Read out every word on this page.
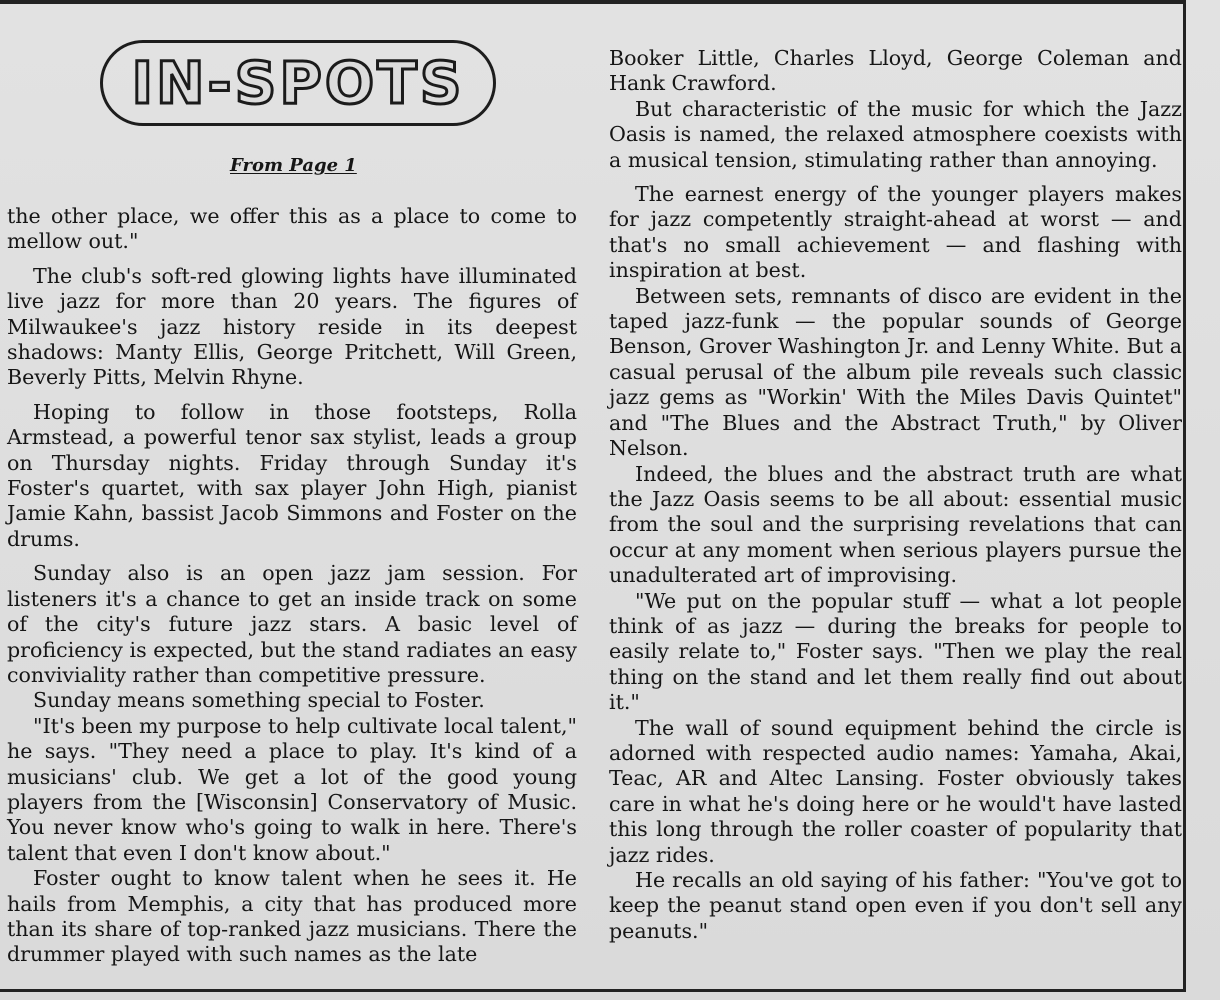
IN-SPOTS
From Page 1

the other place, we offer this as a place to come to mellow out."

The club's soft-red glowing lights have illuminated live jazz for more than 20 years. The figures of Milwaukee's jazz history reside in its deepest shadows: Manty Ellis, George Pritchett, Will Green, Beverly Pitts, Melvin Rhyne.

Hoping to follow in those footsteps, Rolla Armstead, a powerful tenor sax stylist, leads a group on Thursday nights. Friday through Sunday it's Foster's quartet, with sax player John High, pianist Jamie Kahn, bassist Jacob Simmons and Foster on the drums.

Sunday also is an open jazz jam session. For listeners it's a chance to get an inside track on some of the city's future jazz stars. A basic level of proficiency is expected, but the stand radiates an easy conviviality rather than competitive pressure.

Sunday means something special to Foster.

"It's been my purpose to help cultivate local talent," he says. "They need a place to play. It's kind of a musicians' club. We get a lot of the good young players from the [Wisconsin] Conservatory of Music. You never know who's going to walk in here. There's talent that even I don't know about."

Foster ought to know talent when he sees it. He hails from Memphis, a city that has produced more than its share of top-ranked jazz musicians. There the drummer played with such names as the late

Booker Little, Charles Lloyd, George Coleman and Hank Crawford.

But characteristic of the music for which the Jazz Oasis is named, the relaxed atmosphere coexists with a musical tension, stimulating rather than annoying.

The earnest energy of the younger players makes for jazz competently straight-ahead at worst — and that's no small achievement — and flashing with inspiration at best.

Between sets, remnants of disco are evident in the taped jazz-funk — the popular sounds of George Benson, Grover Washington Jr. and Lenny White. But a casual perusal of the album pile reveals such classic jazz gems as "Workin' With the Miles Davis Quintet" and "The Blues and the Abstract Truth," by Oliver Nelson.

Indeed, the blues and the abstract truth are what the Jazz Oasis seems to be all about: essential music from the soul and the surprising revelations that can occur at any moment when serious players pursue the unadulterated art of improvising.

"We put on the popular stuff — what a lot people think of as jazz — during the breaks for people to easily relate to," Foster says. "Then we play the real thing on the stand and let them really find out about it."

The wall of sound equipment behind the circle is adorned with respected audio names: Yamaha, Akai, Teac, AR and Altec Lansing. Foster obviously takes care in what he's doing here or he would't have lasted this long through the roller coaster of popularity that jazz rides.

He recalls an old saying of his father: "You've got to keep the peanut stand open even if you don't sell any peanuts."
